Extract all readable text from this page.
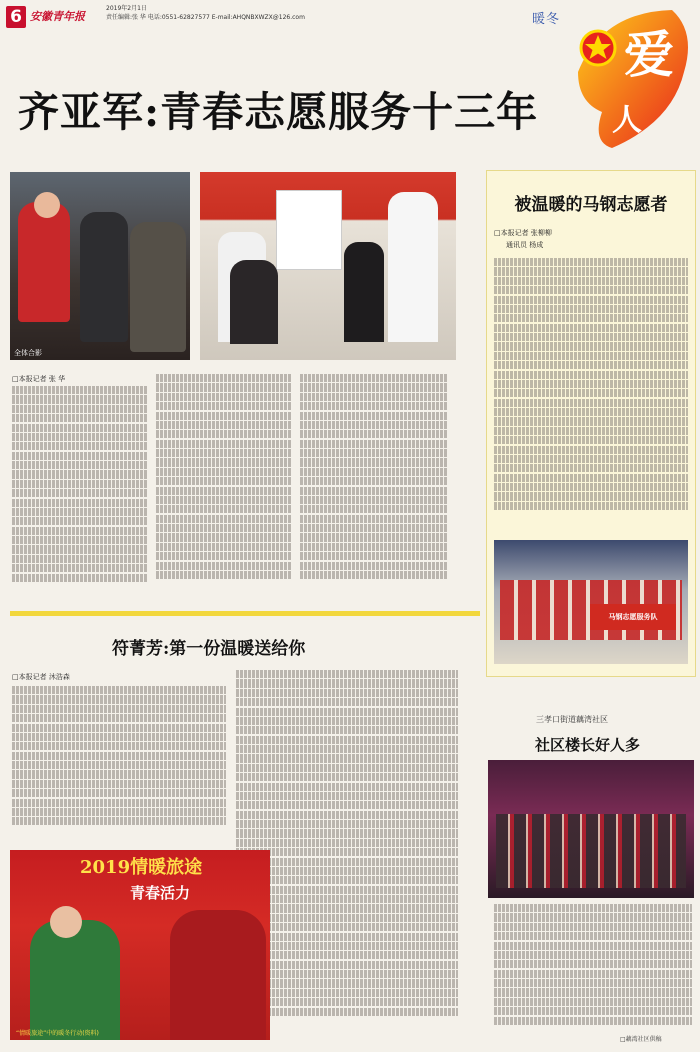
6 安徽青年报
2019年2月1日
责任编辑:张 华 电话:0551-62827577 E-mail:AHQNBXWZX@126.com	暖冬
爱
人
齐亚军:青春志愿服务十三年
全体合影
□本报记者 张 华
符菁芳:第一份温暖送给你
□本报记者 沐浩森
2019情暖旅途
青春活力
“情暖旅途”中的暖冬行动(资料)
被温暖的马钢志愿者
□本报记者 张柳柳
通讯员 杨成
马钢志愿服务队
三孝口街道藕湾社区
社区楼长好人多
□藕湾社区供稿
